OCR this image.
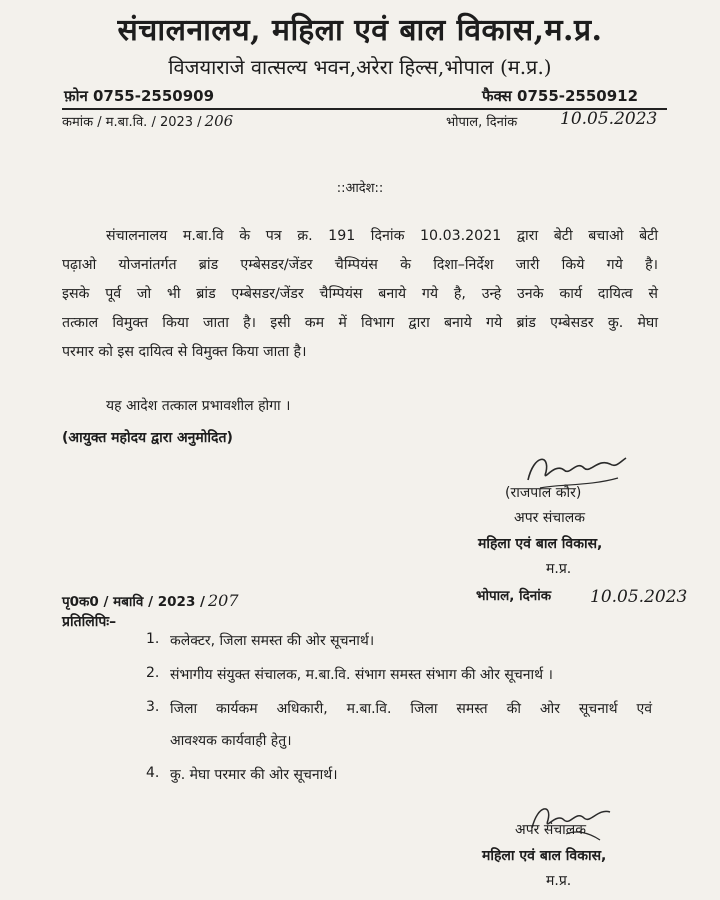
संचालनालय, महिला एवं बाल विकास,म.प्र.
विजयाराजे वात्सल्य भवन,अरेरा हिल्स,भोपाल (म.प्र.)
फ़ोन 0755-2550909	फैक्स 0755-2550912
कमांक / म.बा.वि. / 2023 / 206	भोपाल, दिनांक	10.05.2023
::आदेश::
संचालनालय म.बा.वि के पत्र क्र. 191 दिनांक 10.03.2021 द्वारा बेटी बचाओ बेटी
पढ़ाओ योजनांतर्गत ब्रांड एम्बेसडर/जेंडर चैम्पियंस के दिशा–निर्देश जारी किये गये है।
इसके पूर्व जो भी ब्रांड एम्बेसडर/जेंडर चैम्पियंस बनाये गये है, उन्हे उनके कार्य दायित्व से
तत्काल विमुक्त किया जाता है। इसी कम में विभाग द्वारा बनाये गये ब्रांड एम्बेसडर कु. मेघा
परमार को इस दायित्व से विमुक्त किया जाता है।
यह आदेश तत्काल प्रभावशील होगा ।
(आयुक्त महोदय द्वारा अनुमोदित)
(राजपाल कौर)
अपर संचालक
महिला एवं बाल विकास,
म.प्र.
पृ0क0 / मबावि / 2023 / 207	भोपाल, दिनांक 10.05.2023
प्रतिलिपिः–
1. कलेक्टर, जिला समस्त की ओर सूचनार्थ।
2. संभागीय संयुक्त संचालक, म.बा.वि. संभाग समस्त संभाग की ओर सूचनार्थ ।
3. जिला कार्यकम अधिकारी, म.बा.वि. जिला समस्त की ओर सूचनार्थ एवं
आवश्यक कार्यवाही हेतु।
4. कु. मेघा परमार की ओर सूचनार्थ।
अपर संचालक
महिला एवं बाल विकास,
म.प्र.
